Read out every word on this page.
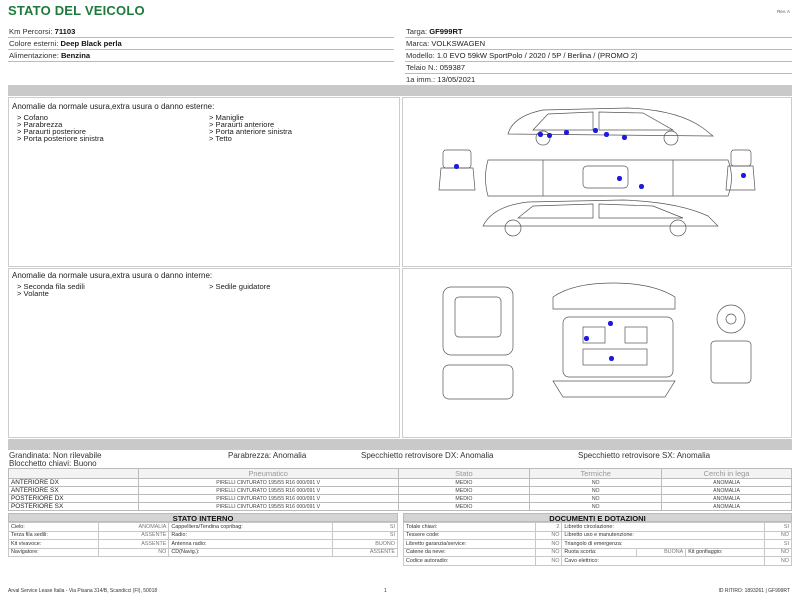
STATO DEL VEICOLO	Rev. A
Km Percorsi: 71103
Colore esterni: Deep Black perla
Alimentazione: Benzina
Targa: GF999RT
Marca: VOLKSWAGEN
Modello: 1.0 EVO 59kW SportPolo / 2020 / 5P / Berlina / (PROMO 2)
Telaio N.: 059387
1a imm.: 13/05/2021
Anomalie da normale usura,extra usura o danno esterne:
> Cofano
> Parabrezza
> Paraurti posteriore
> Porta posteriore sinistra
> Maniglie
> Paraurti anteriore
> Porta anteriore sinistra
> Tetto
Anomalie da normale usura,extra usura o danno interne:
> Seconda fila sedili
> Volante
> Sedile guidatore
Grandinata: Non rilevabile	Parabrezza: Anomalia	Specchietto retrovisore DX: Anomalia	Specchietto retrovisore SX: Anomalia
Blocchetto chiavi: Buono
	Pneumatico	Stato	Termiche	Cerchi in lega
ANTERIORE DX	PIRELLI CINTURATO 195/55 R16 000/091 V	MEDIO	NO	ANOMALIA
ANTERIORE SX	PIRELLI CINTURATO 195/55 R16 000/091 V	MEDIO	NO	ANOMALIA
POSTERIORE DX	PIRELLI CINTURATO 195/55 R16 000/091 V	MEDIO	NO	ANOMALIA
POSTERIORE SX	PIRELLI CINTURATO 195/55 R16 000/091 V	MEDIO	NO	ANOMALIA
STATO INTERNO
Cielo:	ANOMALIA	Cappelliera/Tendina copribag:	SI
Terza fila sedili:	ASSENTE	Radio:	SI
Kit vivavoce:	ASSENTE	Antenna radio:	BUONO
Navigatore:	NO	CD(Navig.):	ASSENTE
DOCUMENTI E DOTAZIONI
Totale chiavi:	2	Libretto circolazione:			SI
Tessere code:	NO	Libretto uso e manutenzione:			NO
Libretto garanzia/service:	NO	Triangolo di emergenza:			SI
Catene da neve:	NO	Ruota scorta:	BUONA	Kit gonfiaggio:	NO
Codice autoradio:	NO	Cavo elettrico:			NO
Arval Service Lease Italia - Via Pisana 314/B, Scandicci (FI), 50018	1	ID RITIRO: 1893261 | GF999RT
